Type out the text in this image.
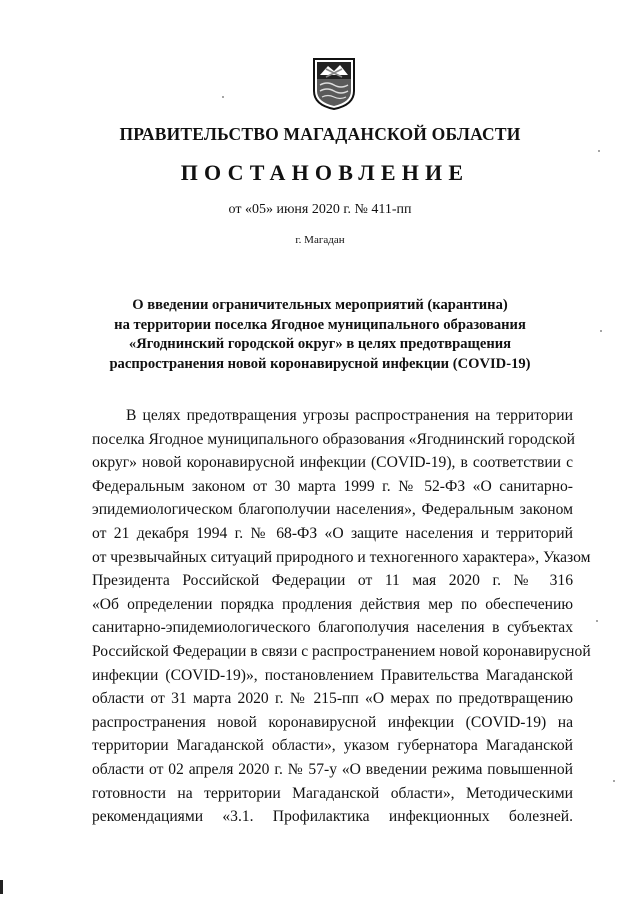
ПРАВИТЕЛЬСТВО МАГАДАНСКОЙ ОБЛАСТИ
ПОСТАНОВЛЕНИЕ
от «05» июня 2020 г. № 411-пп
г. Магадан
О введении ограничительных мероприятий (карантина)
на территории поселка Ягодное муниципального образования
«Ягоднинский городской округ» в целях предотвращения
распространения новой коронавирусной инфекции (COVID-19)
В целях предотвращения угрозы распространения на территории
поселка Ягодное муниципального образования «Ягоднинский городской
округ» новой коронавирусной инфекции (COVID-19), в соответствии с
Федеральным законом от 30 марта 1999 г. № 52-ФЗ «О санитарно-
эпидемиологическом благополучии населения», Федеральным законом
от 21 декабря 1994 г. № 68-ФЗ «О защите населения и территорий
от чрезвычайных ситуаций природного и техногенного характера», Указом
Президента Российской Федерации от 11 мая 2020 г. № 316
«Об определении порядка продления действия мер по обеспечению
санитарно-эпидемиологического благополучия населения в субъектах
Российской Федерации в связи с распространением новой коронавирусной
инфекции (COVID-19)», постановлением Правительства Магаданской
области от 31 марта 2020 г. № 215-пп «О мерах по предотвращению
распространения новой коронавирусной инфекции (COVID-19) на
территории Магаданской области», указом губернатора Магаданской
области от 02 апреля 2020 г. № 57-у «О введении режима повышенной
готовности на территории Магаданской области», Методическими
рекомендациями «3.1. Профилактика инфекционных болезней.
